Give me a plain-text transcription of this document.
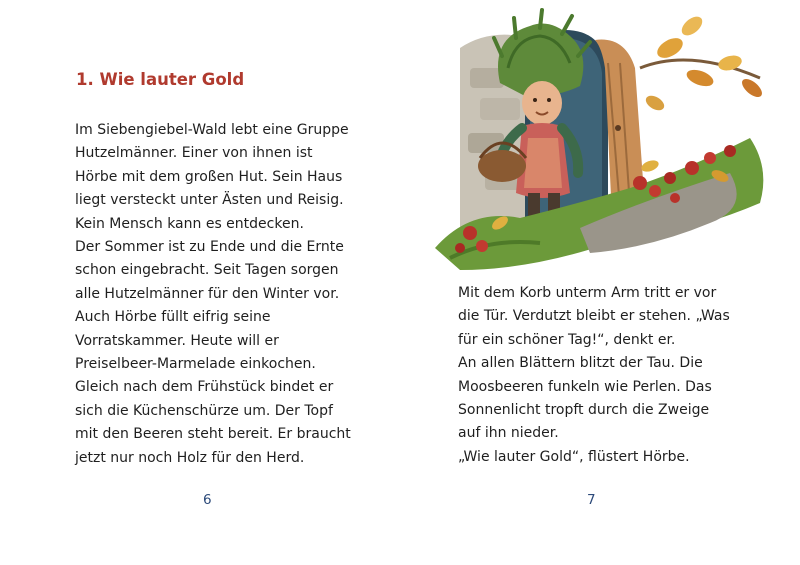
1. Wie lauter Gold
Im Siebengiebel-Wald lebt eine Gruppe
Hutzelmänner. Einer von ihnen ist
Hörbe mit dem großen Hut. Sein Haus
liegt versteckt unter Ästen und Reisig.
Kein Mensch kann es entdecken.
Der Sommer ist zu Ende und die Ernte
schon eingebracht. Seit Tagen sorgen
alle Hutzelmänner für den Winter vor.
Auch Hörbe füllt eifrig seine
Vorratskammer. Heute will er
Preiselbeer-Marmelade einkochen.
Gleich nach dem Frühstück bindet er
sich die Küchenschürze um. Der Topf
mit den Beeren steht bereit. Er braucht
jetzt nur noch Holz für den Herd.
6
Mit dem Korb unterm Arm tritt er vor
die Tür. Verdutzt bleibt er stehen. „Was
für ein schöner Tag!“, denkt er.
An allen Blättern blitzt der Tau. Die
Moosbeeren funkeln wie Perlen. Das
Sonnenlicht tropft durch die Zweige
auf ihn nieder.
„Wie lauter Gold“, flüstert Hörbe.
7
